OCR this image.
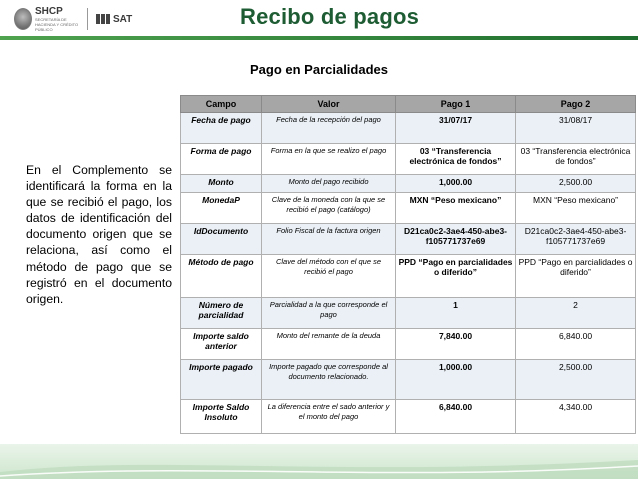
SHCP
SECRETARÍA DE HACIENDA Y CRÉDITO PÚBLICO
SAT	Recibo de pagos
Pago en Parcialidades
En el Complemento se identificará la forma en la que se recibió el pago, los datos de identificación del documento origen que se relaciona, así como el método de pago que se registró en el documento origen.
Campo	Valor	Pago 1	Pago 2
Fecha de pago	Fecha de la recepción del pago	31/07/17	31/08/17
Forma de pago	Forma en la que se realizo el pago	03 “Transferencia electrónica de fondos”	03 “Transferencia electrónica de fondos”
Monto	Monto del pago recibido	1,000.00	2,500.00
MonedaP	Clave de la moneda con la que se recibió el pago (catálogo)	MXN “Peso mexicano”	MXN “Peso mexicano”
IdDocumento	Folio Fiscal de la factura origen	D21ca0c2-3ae4-450-abe3-f105771737e69	D21ca0c2-3ae4-450-abe3-f105771737e69
Método de pago	Clave del método con el que se recibió el pago	PPD “Pago en parcialidades o diferido”	PPD “Pago en parcialidades o diferido”
Número de parcialidad	Parcialidad a la que corresponde el pago	1	2
Importe saldo anterior	Monto del remante de la deuda	7,840.00	6,840.00
Importe pagado	Importe pagado que corresponde al documento relacionado.	1,000.00	2,500.00
Importe Saldo Insoluto	La diferencia entre el sado anterior y el monto del pago	6,840.00	4,340.00
